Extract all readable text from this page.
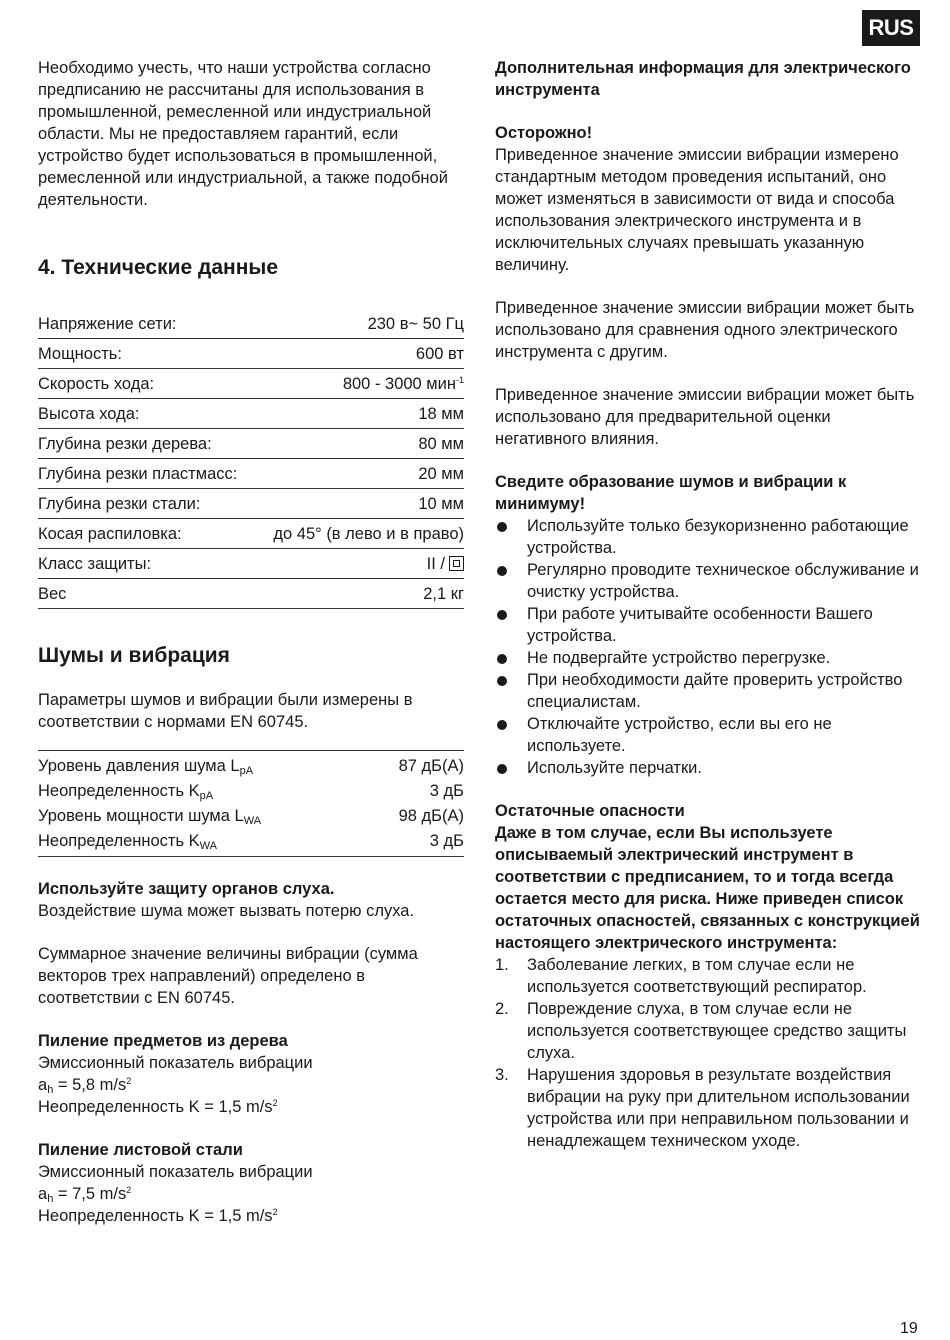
RUS

Необходимо учесть, что наши устройства согласно предписанию не рассчитаны для использования в промышленной, ремесленной или индустриальной области. Мы не предоставляем гарантий, если устройство будет использоваться в промышленной, ремесленной или индустриальной, а также подобной деятельности.

4. Технические данные
Напряжение сети:	230 в~ 50 Гц
Мощность:	600 вт
Скорость хода:	800 - 3000 мин$^{-1}$
Высота хода:	18 мм
Глубина резки дерева:	80 мм
Глубина резки пластмасс:	20 мм
Глубина резки стали:	10 мм
Косая распиловка:	до 45° (в лево и в право)
Класс защиты:	II /
Вес	2,1 кг
Шумы и вибрация

Параметры шумов и вибрации были измерены в соответствии с нормами EN 60745.

Уровень давления шума $L_{pA}$	87 дБ(A)
Неопределенность $K_{pA}$	3 дБ
Уровень мощности шума $L_{WA}$	98 дБ(A)
Неопределенность $K_{WA}$	3 дБ

Используйте защиту органов слуха.

Воздействие шума может вызвать потерю слуха.

Суммарное значение величины вибрации (сумма векторов трех направлений) определено в соответствии с EN 60745.

Пиление предметов из дерева

Эмиссионный показатель вибрации

$a_h = 5,8$ $m/s^2$

Неопределенность K = 1,5 $m/s^2$

Пиление листовой стали

Эмиссионный показатель вибрации

$a_h = 7,5$ $m/s^2$

Неопределенность K = 1,5 $m/s^2$

Дополнительная информация для электрического инструмента

Осторожно!

Приведенное значение эмиссии вибрации измерено стандартным методом проведения испытаний, оно может изменяться в зависимости от вида и способа использования электрического инструмента и в исключительных случаях превышать указанную величину.

Приведенное значение эмиссии вибрации может быть использовано для сравнения одного электрического инструмента с другим.

Приведенное значение эмиссии вибрации может быть использовано для предварительной оценки негативного влияния.

Сведите образование шумов и вибрации к минимуму!

Используйте только безукоризненно работающие устройства.
Регулярно проводите техническое обслуживание и очистку устройства.
При работе учитывайте особенности Вашего устройства.
Не подвергайте устройство перегрузке.
При необходимости дайте проверить устройство специалистам.
Отключайте устройство, если вы его не используете.
Используйте перчатки.

Остаточные опасности

Даже в том случае, если Вы используете описываемый электрический инструмент в соответствии с предписанием, то и тогда всегда остается место для риска. Ниже приведен список остаточных опасностей, связанных с конструкцией настоящего электрического инструмента:

1. Заболевание легких, в том случае если не используется соответствующий респиратор.
2. Повреждение слуха, в том случае если не используется соответствующее средство защиты слуха.
3. Нарушения здоровья в результате воздействия вибрации на руку при длительном использовании устройства или при неправильном пользовании и ненадлежащем техническом уходе.
19
